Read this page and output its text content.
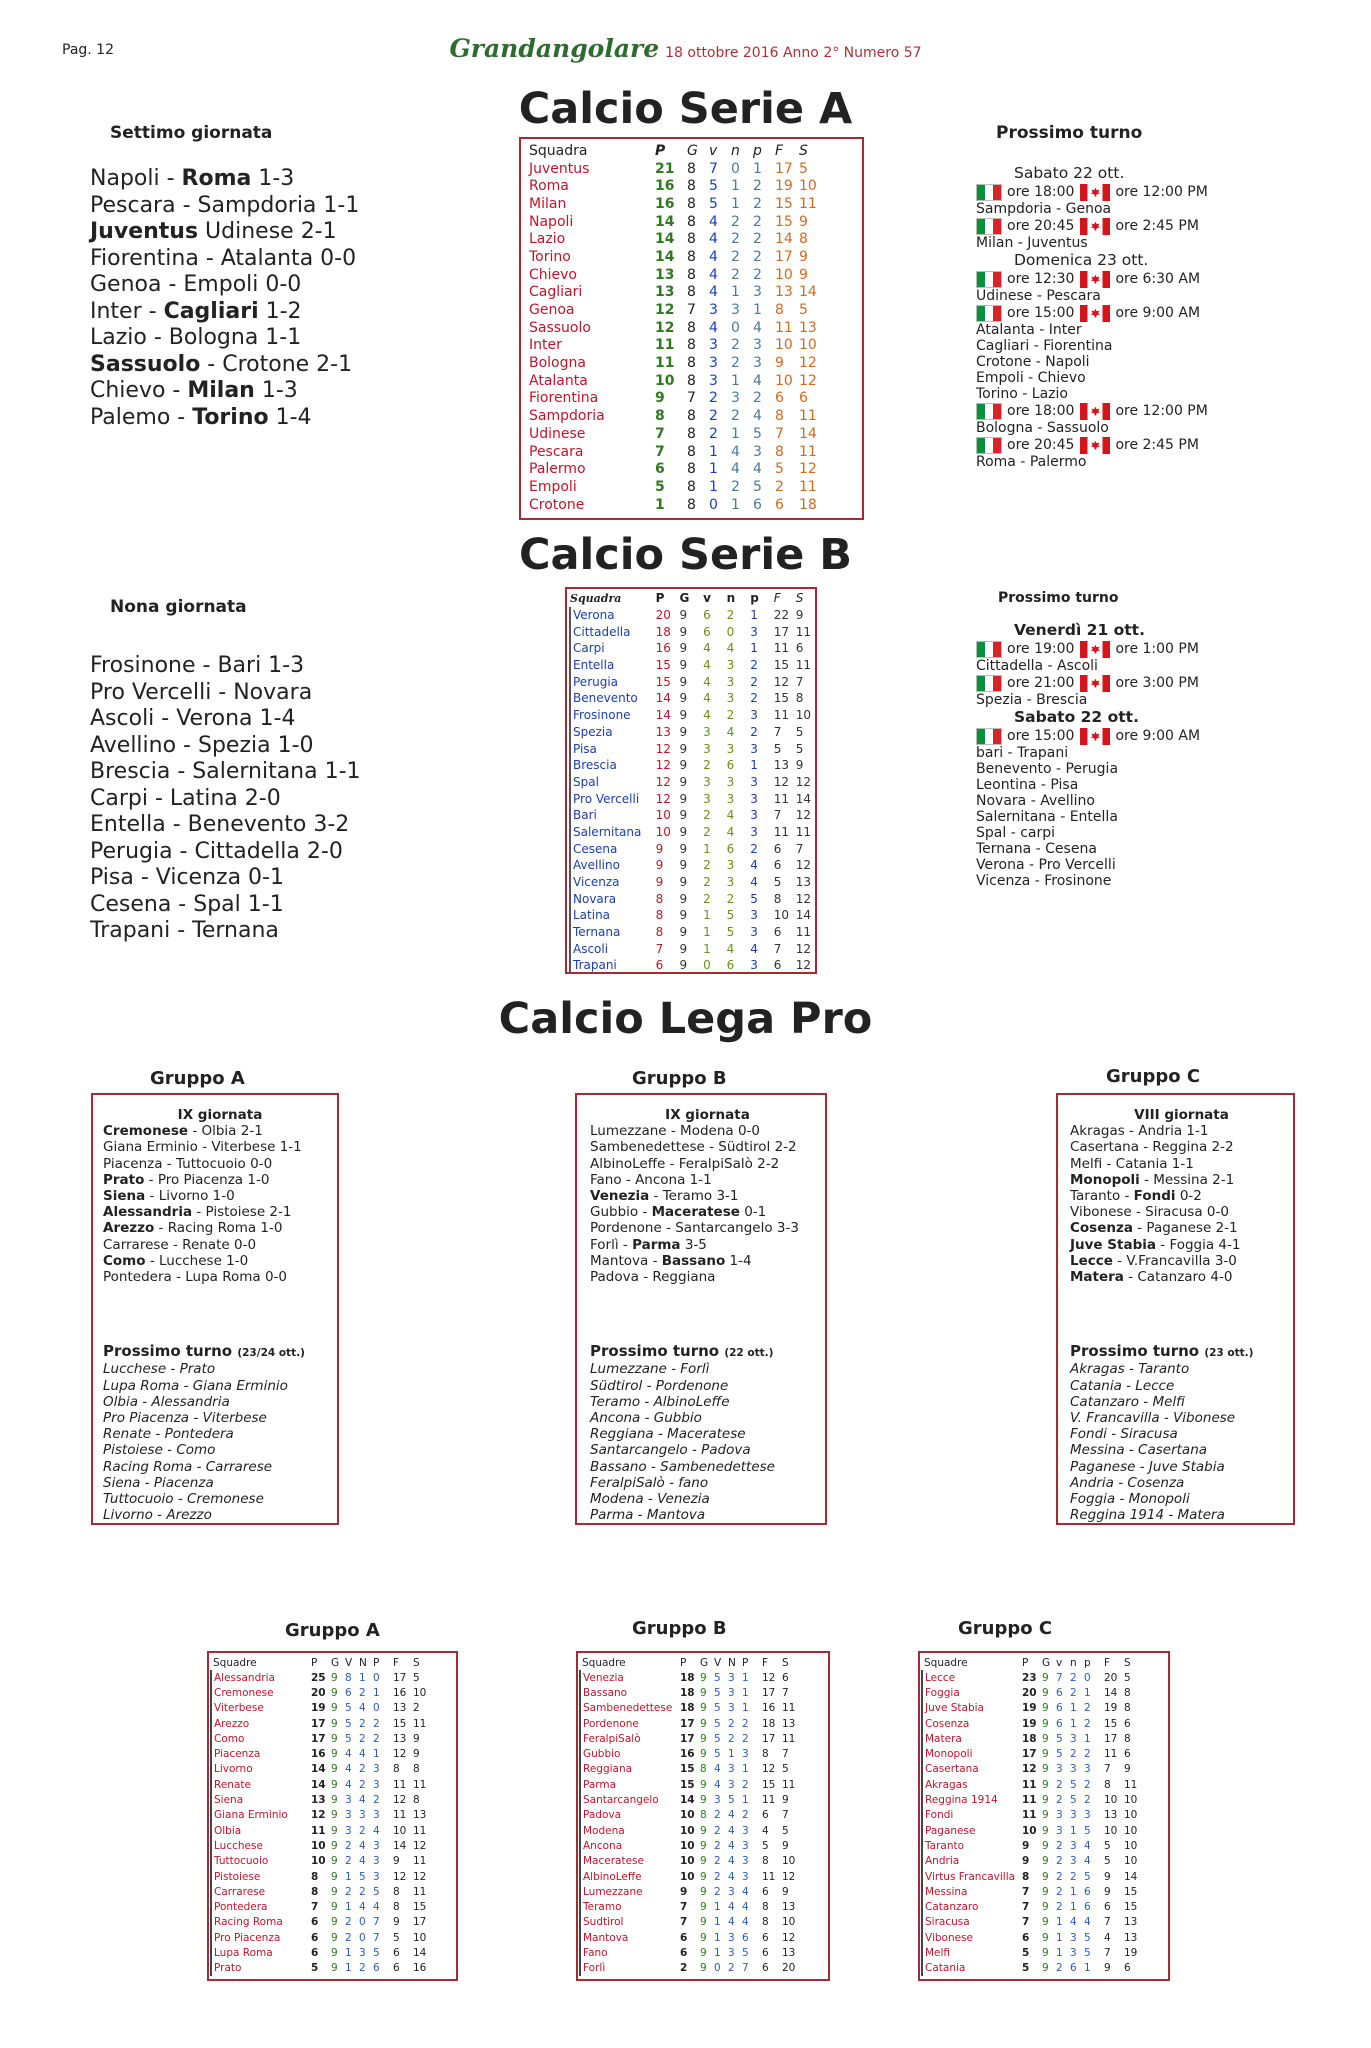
Pag. 12	Grandangolare 18 ottobre 2016 Anno 2° Numero 57
Calcio Serie A
Settimo giornata
Napoli - Roma 1-3
Pescara - Sampdoria 1-1
Juventus Udinese 2-1
Fiorentina - Atalanta 0-0
Genoa - Empoli 0-0
Inter - Cagliari 1-2
Lazio - Bologna 1-1
Sassuolo - Crotone 2-1
Chievo - Milan 1-3
Palemo - Torino 1-4
Squadra	P	G	v	n	p	F	S
Juventus	21	8	7	0	1	17	5
Roma	16	8	5	1	2	19	10
Milan	16	8	5	1	2	15	11
Napoli	14	8	4	2	2	15	9
Lazio	14	8	4	2	2	14	8
Torino	14	8	4	2	2	17	9
Chievo	13	8	4	2	2	10	9
Cagliari	13	8	4	1	3	13	14
Genoa	12	7	3	3	1	8	5
Sassuolo	12	8	4	0	4	11	13
Inter	11	8	3	2	3	10	10
Bologna	11	8	3	2	3	9	12
Atalanta	10	8	3	1	4	10	12
Fiorentina	9	7	2	3	2	6	6
Sampdoria	8	8	2	2	4	8	11
Udinese	7	8	2	1	5	7	14
Pescara	7	8	1	4	3	8	11
Palermo	6	8	1	4	4	5	12
Empoli	5	8	1	2	5	2	11
Crotone	1	8	0	1	6	6	18
Prossimo turno
Sabato 22 ott.
ore 18:00	ore 12:00 PM
Sampdoria - Genoa
ore 20:45	ore 2:45 PM
Milan - Juventus
Domenica 23 ott.
ore 12:30	ore 6:30 AM
Udinese - Pescara
ore 15:00	ore 9:00 AM
Atalanta - Inter
Cagliari - Fiorentina
Crotone - Napoli
Empoli - Chievo
Torino - Lazio
ore 18:00	ore 12:00 PM
Bologna - Sassuolo
ore 20:45	ore 2:45 PM
Roma - Palermo
Calcio Serie B
Nona giornata
Frosinone - Bari 1-3
Pro Vercelli - Novara
Ascoli - Verona 1-4
Avellino - Spezia 1-0
Brescia - Salernitana 1-1
Carpi - Latina 2-0
Entella - Benevento 3-2
Perugia - Cittadella 2-0
Pisa - Vicenza 0-1
Cesena - Spal 1-1
Trapani - Ternana
Squadra	P	G	v	n	p	F	S
Verona	20	9	6	2	1	22	9
Cittadella	18	9	6	0	3	17	11
Carpi	16	9	4	4	1	11	6
Entella	15	9	4	3	2	15	11
Perugia	15	9	4	3	2	12	7
Benevento	14	9	4	3	2	15	8
Frosinone	14	9	4	2	3	11	10
Spezia	13	9	3	4	2	7	5
Pisa	12	9	3	3	3	5	5
Brescia	12	9	2	6	1	13	9
Spal	12	9	3	3	3	12	12
Pro Vercelli	12	9	3	3	3	11	14
Bari	10	9	2	4	3	7	12
Salernitana	10	9	2	4	3	11	11
Cesena	9	9	1	6	2	6	7
Avellino	9	9	2	3	4	6	12
Vicenza	9	9	2	3	4	5	13
Novara	8	9	2	2	5	8	12
Latina	8	9	1	5	3	10	14
Ternana	8	9	1	5	3	6	11
Ascoli	7	9	1	4	4	7	12
Trapani	6	9	0	6	3	6	12
Prossimo turno
Venerdì 21 ott.
ore 19:00	ore 1:00 PM
Cittadella - Ascoli
ore 21:00	ore 3:00 PM
Spezia - Brescia
Sabato 22 ott.
ore 15:00	ore 9:00 AM
bari - Trapani
Benevento - Perugia
Leontina - Pisa
Novara - Avellino
Salernitana - Entella
Spal - carpi
Ternana - Cesena
Verona - Pro Vercelli
Vicenza - Frosinone
Calcio Lega Pro
Gruppo A	Gruppo B	Gruppo C
IX giornata
Cremonese - Olbia 2-1
Giana Erminio - Viterbese 1-1
Piacenza - Tuttocuoio 0-0
Prato - Pro Piacenza 1-0
Siena - Livorno 1-0
Alessandria - Pistoiese 2-1
Arezzo - Racing Roma 1-0
Carrarese - Renate 0-0
Como - Lucchese 1-0
Pontedera - Lupa Roma 0-0
Prossimo turno (23/24 ott.)
Lucchese - Prato
Lupa Roma - Giana Erminio
Olbia - Alessandria
Pro Piacenza - Viterbese
Renate - Pontedera
Pistoiese - Como
Racing Roma - Carrarese
Siena - Piacenza
Tuttocuoio - Cremonese
Livorno - Arezzo
IX giornata
Lumezzane - Modena 0-0
Sambenedettese - Südtirol 2-2
AlbinoLeffe - FeralpiSalò 2-2
Fano - Ancona 1-1
Venezia - Teramo 3-1
Gubbio - Maceratese 0-1
Pordenone - Santarcangelo 3-3
Forlì - Parma 3-5
Mantova - Bassano 1-4
Padova - Reggiana
Prossimo turno (22 ott.)
Lumezzane - Forlì
Südtirol - Pordenone
Teramo - AlbinoLeffe
Ancona - Gubbio
Reggiana - Maceratese
Santarcangelo - Padova
Bassano - Sambenedettese
FeralpiSalò - fano
Modena - Venezia
Parma - Mantova
VIII giornata
Akragas - Andria 1-1
Casertana - Reggina 2-2
Melfi - Catania 1-1
Monopoli - Messina 2-1
Taranto - Fondi 0-2
Vibonese - Siracusa 0-0
Cosenza - Paganese 2-1
Juve Stabia - Foggia 4-1
Lecce - V.Francavilla 3-0
Matera - Catanzaro 4-0
Prossimo turno (23 ott.)
Akragas - Taranto
Catania - Lecce
Catanzaro - Melfi
V. Francavilla - Vibonese
Fondi - Siracusa
Messina - Casertana
Paganese - Juve Stabia
Andria - Cosenza
Foggia - Monopoli
Reggina 1914 - Matera
Gruppo A	Gruppo B	Gruppo C
Squadre	P	G	V	N	P	F	S
Alessandria	25	9	8	1	0	17	5
Cremonese	20	9	6	2	1	16	10
Viterbese	19	9	5	4	0	13	2
Arezzo	17	9	5	2	2	15	11
Como	17	9	5	2	2	13	9
Piacenza	16	9	4	4	1	12	9
Livorno	14	9	4	2	3	8	8
Renate	14	9	4	2	3	11	11
Siena	13	9	3	4	2	12	8
Giana Erminio	12	9	3	3	3	11	13
Olbia	11	9	3	2	4	10	11
Lucchese	10	9	2	4	3	14	12
Tuttocuoio	10	9	2	4	3	9	11
Pistoiese	8	9	1	5	3	12	12
Carrarese	8	9	2	2	5	8	11
Pontedera	7	9	1	4	4	8	15
Racing Roma	6	9	2	0	7	9	17
Pro Piacenza	6	9	2	0	7	5	10
Lupa Roma	6	9	1	3	5	6	14
Prato	5	9	1	2	6	6	16
Squadre	P	G	V	N	P	F	S
Venezia	18	9	5	3	1	12	6
Bassano	18	9	5	3	1	17	7
Sambenedettese	18	9	5	3	1	16	11
Pordenone	17	9	5	2	2	18	13
FeralpiSalò	17	9	5	2	2	17	11
Gubbio	16	9	5	1	3	8	7
Reggiana	15	8	4	3	1	12	5
Parma	15	9	4	3	2	15	11
Santarcangelo	14	9	3	5	1	11	9
Padova	10	8	2	4	2	6	7
Modena	10	9	2	4	3	4	5
Ancona	10	9	2	4	3	5	9
Maceratese	10	9	2	4	3	8	10
AlbinoLeffe	10	9	2	4	3	11	12
Lumezzane	9	9	2	3	4	6	9
Teramo	7	9	1	4	4	8	13
Sudtirol	7	9	1	4	4	8	10
Mantova	6	9	1	3	6	6	12
Fano	6	9	1	3	5	6	13
Forlì	2	9	0	2	7	6	20
Squadre	P	G	v	n	p	F	S
Lecce	23	9	7	2	0	20	5
Foggia	20	9	6	2	1	14	8
Juve Stabia	19	9	6	1	2	19	8
Cosenza	19	9	6	1	2	15	6
Matera	18	9	5	3	1	17	8
Monopoli	17	9	5	2	2	11	6
Casertana	12	9	3	3	3	7	9
Akragas	11	9	2	5	2	8	11
Reggina 1914	11	9	2	5	2	10	10
Fondi	11	9	3	3	3	13	10
Paganese	10	9	3	1	5	10	10
Taranto	9	9	2	3	4	5	10
Andria	9	9	2	3	4	5	10
Virtus Francavilla	8	9	2	2	5	9	14
Messina	7	9	2	1	6	9	15
Catanzaro	7	9	2	1	6	6	15
Siracusa	7	9	1	4	4	7	13
Vibonese	6	9	1	3	5	4	13
Melfi	5	9	1	3	5	7	19
Catania	5	9	2	6	1	9	6
